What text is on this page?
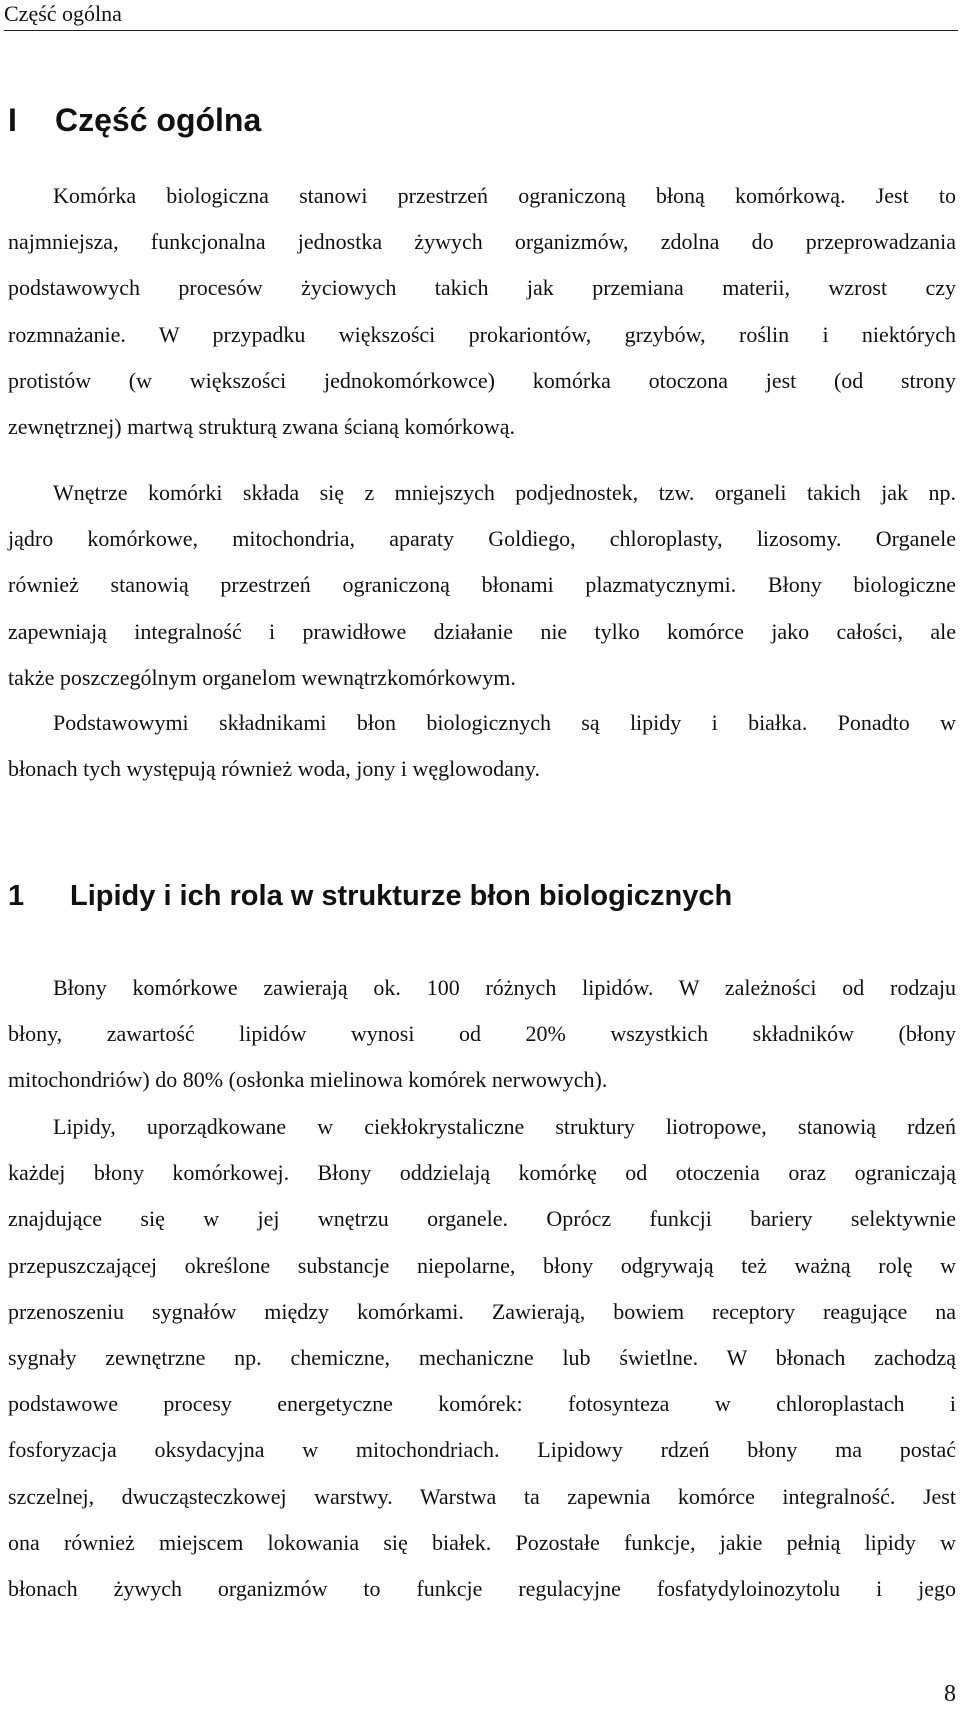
Część ogólna
I Część ogólna
Komórka biologiczna stanowi przestrzeń ograniczoną błoną komórkową. Jest to
najmniejsza, funkcjonalna jednostka żywych organizmów, zdolna do przeprowadzania
podstawowych procesów życiowych takich jak przemiana materii, wzrost czy
rozmnażanie. W przypadku większości prokariontów, grzybów, roślin i niektórych
protistów (w większości jednokomórkowce) komórka otoczona jest (od strony
zewnętrznej) martwą strukturą zwana ścianą komórkową.
Wnętrze komórki składa się z mniejszych podjednostek, tzw. organeli takich jak np.
jądro komórkowe, mitochondria, aparaty Goldiego, chloroplasty, lizosomy. Organele
również stanowią przestrzeń ograniczoną błonami plazmatycznymi. Błony biologiczne
zapewniają integralność i prawidłowe działanie nie tylko komórce jako całości, ale
także poszczególnym organelom wewnątrzkomórkowym.
Podstawowymi składnikami błon biologicznych są lipidy i białka. Ponadto w
błonach tych występują również woda, jony i węglowodany.
1 Lipidy i ich rola w strukturze błon biologicznych
Błony komórkowe zawierają ok. 100 różnych lipidów. W zależności od rodzaju
błony, zawartość lipidów wynosi od 20% wszystkich składników (błony
mitochondriów) do 80% (osłonka mielinowa komórek nerwowych).
Lipidy, uporządkowane w ciekłokrystaliczne struktury liotropowe, stanowią rdzeń
każdej błony komórkowej. Błony oddzielają komórkę od otoczenia oraz ograniczają
znajdujące się w jej wnętrzu organele. Oprócz funkcji bariery selektywnie
przepuszczającej określone substancje niepolarne, błony odgrywają też ważną rolę w
przenoszeniu sygnałów między komórkami. Zawierają, bowiem receptory reagujące na
sygnały zewnętrzne np. chemiczne, mechaniczne lub świetlne. W błonach zachodzą
podstawowe procesy energetyczne komórek: fotosynteza w chloroplastach i
fosforyzacja oksydacyjna w mitochondriach. Lipidowy rdzeń błony ma postać
szczelnej, dwucząsteczkowej warstwy. Warstwa ta zapewnia komórce integralność. Jest
ona również miejscem lokowania się białek. Pozostałe funkcje, jakie pełnią lipidy w
błonach żywych organizmów to funkcje regulacyjne fosfatydyloinozytolu i jego
8
